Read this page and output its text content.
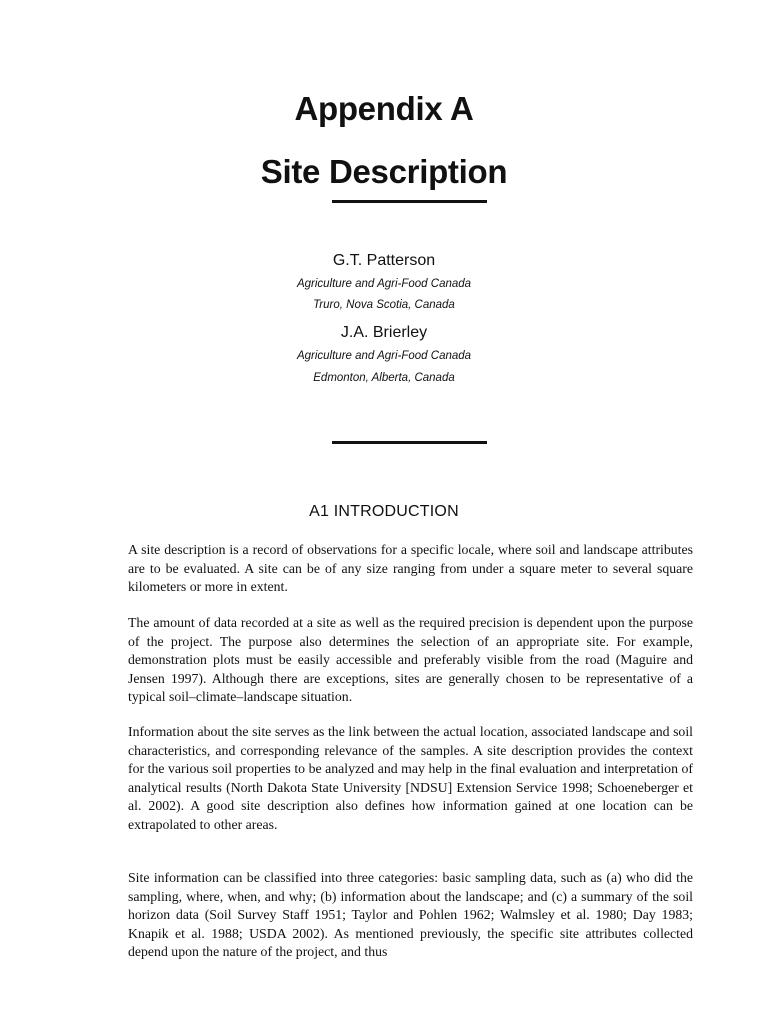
Appendix A
Site Description
G.T. Patterson
Agriculture and Agri-Food Canada
Truro, Nova Scotia, Canada
J.A. Brierley
Agriculture and Agri-Food Canada
Edmonton, Alberta, Canada
A1 INTRODUCTION

A site description is a record of observations for a specific locale, where soil and landscape attributes are to be evaluated. A site can be of any size ranging from under a square meter to several square kilometers or more in extent.

The amount of data recorded at a site as well as the required precision is dependent upon the purpose of the project. The purpose also determines the selection of an appropriate site. For example, demonstration plots must be easily accessible and preferably visible from the road (Maguire and Jensen 1997). Although there are exceptions, sites are generally chosen to be representative of a typical soil–climate–landscape situation.

Information about the site serves as the link between the actual location, associated landscape and soil characteristics, and corresponding relevance of the samples. A site description provides the context for the various soil properties to be analyzed and may help in the final evaluation and interpretation of analytical results (North Dakota State University [NDSU] Extension Service 1998; Schoeneberger et al. 2002). A good site description also defines how information gained at one location can be extrapolated to other areas.

Site information can be classified into three categories: basic sampling data, such as (a) who did the sampling, where, when, and why; (b) information about the landscape; and (c) a summary of the soil horizon data (Soil Survey Staff 1951; Taylor and Pohlen 1962; Walmsley et al. 1980; Day 1983; Knapik et al. 1988; USDA 2002). As mentioned previously, the specific site attributes collected depend upon the nature of the project, and thus
